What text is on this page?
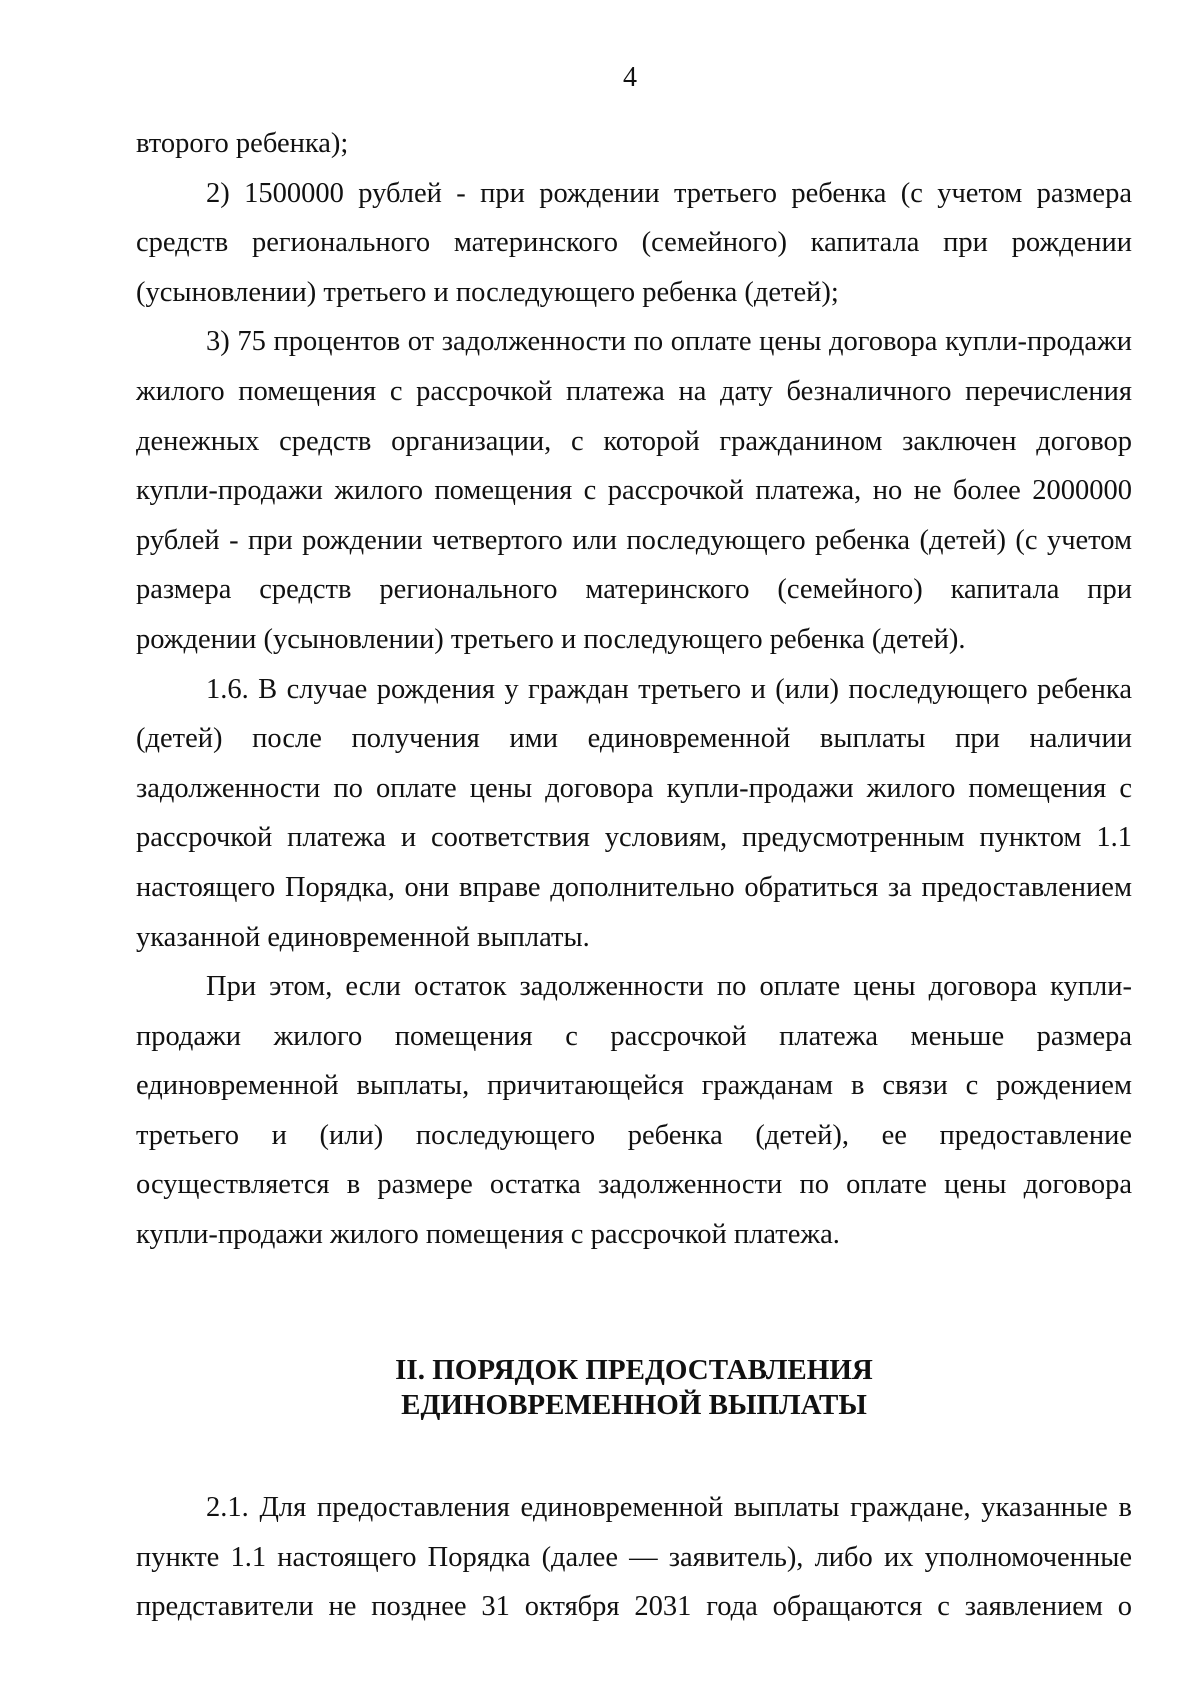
4

второго ребенка);

2) 1500000 рублей - при рождении третьего ребенка (с учетом размера средств регионального материнского (семейного) капитала при рождении (усыновлении) третьего и последующего ребенка (детей);

3) 75 процентов от задолженности по оплате цены договора купли-продажи жилого помещения с рассрочкой платежа на дату безналичного перечисления денежных средств организации, с которой гражданином заключен договор купли-продажи жилого помещения с рассрочкой платежа, но не более 2000000 рублей - при рождении четвертого или последующего ребенка (детей) (с учетом размера средств регионального материнского (семейного) капитала при рождении (усыновлении) третьего и последующего ребенка (детей).

1.6. В случае рождения у граждан третьего и (или) последующего ребенка (детей) после получения ими единовременной выплаты при наличии задолженности по оплате цены договора купли-продажи жилого помещения с рассрочкой платежа и соответствия условиям, предусмотренным пунктом 1.1 настоящего Порядка, они вправе дополнительно обратиться за предоставлением указанной единовременной выплаты.

При этом, если остаток задолженности по оплате цены договора купли-продажи жилого помещения с рассрочкой платежа меньше размера единовременной выплаты, причитающейся гражданам в связи с рождением третьего и (или) последующего ребенка (детей), ее предоставление осуществляется в размере остатка задолженности по оплате цены договора купли-продажи жилого помещения с рассрочкой платежа.

II. ПОРЯДОК ПРЕДОСТАВЛЕНИЯ
ЕДИНОВРЕМЕННОЙ ВЫПЛАТЫ

2.1. Для предоставления единовременной выплаты граждане, указанные в пункте 1.1 настоящего Порядка (далее — заявитель), либо их уполномоченные представители не позднее 31 октября 2031 года обращаются с заявлением о
